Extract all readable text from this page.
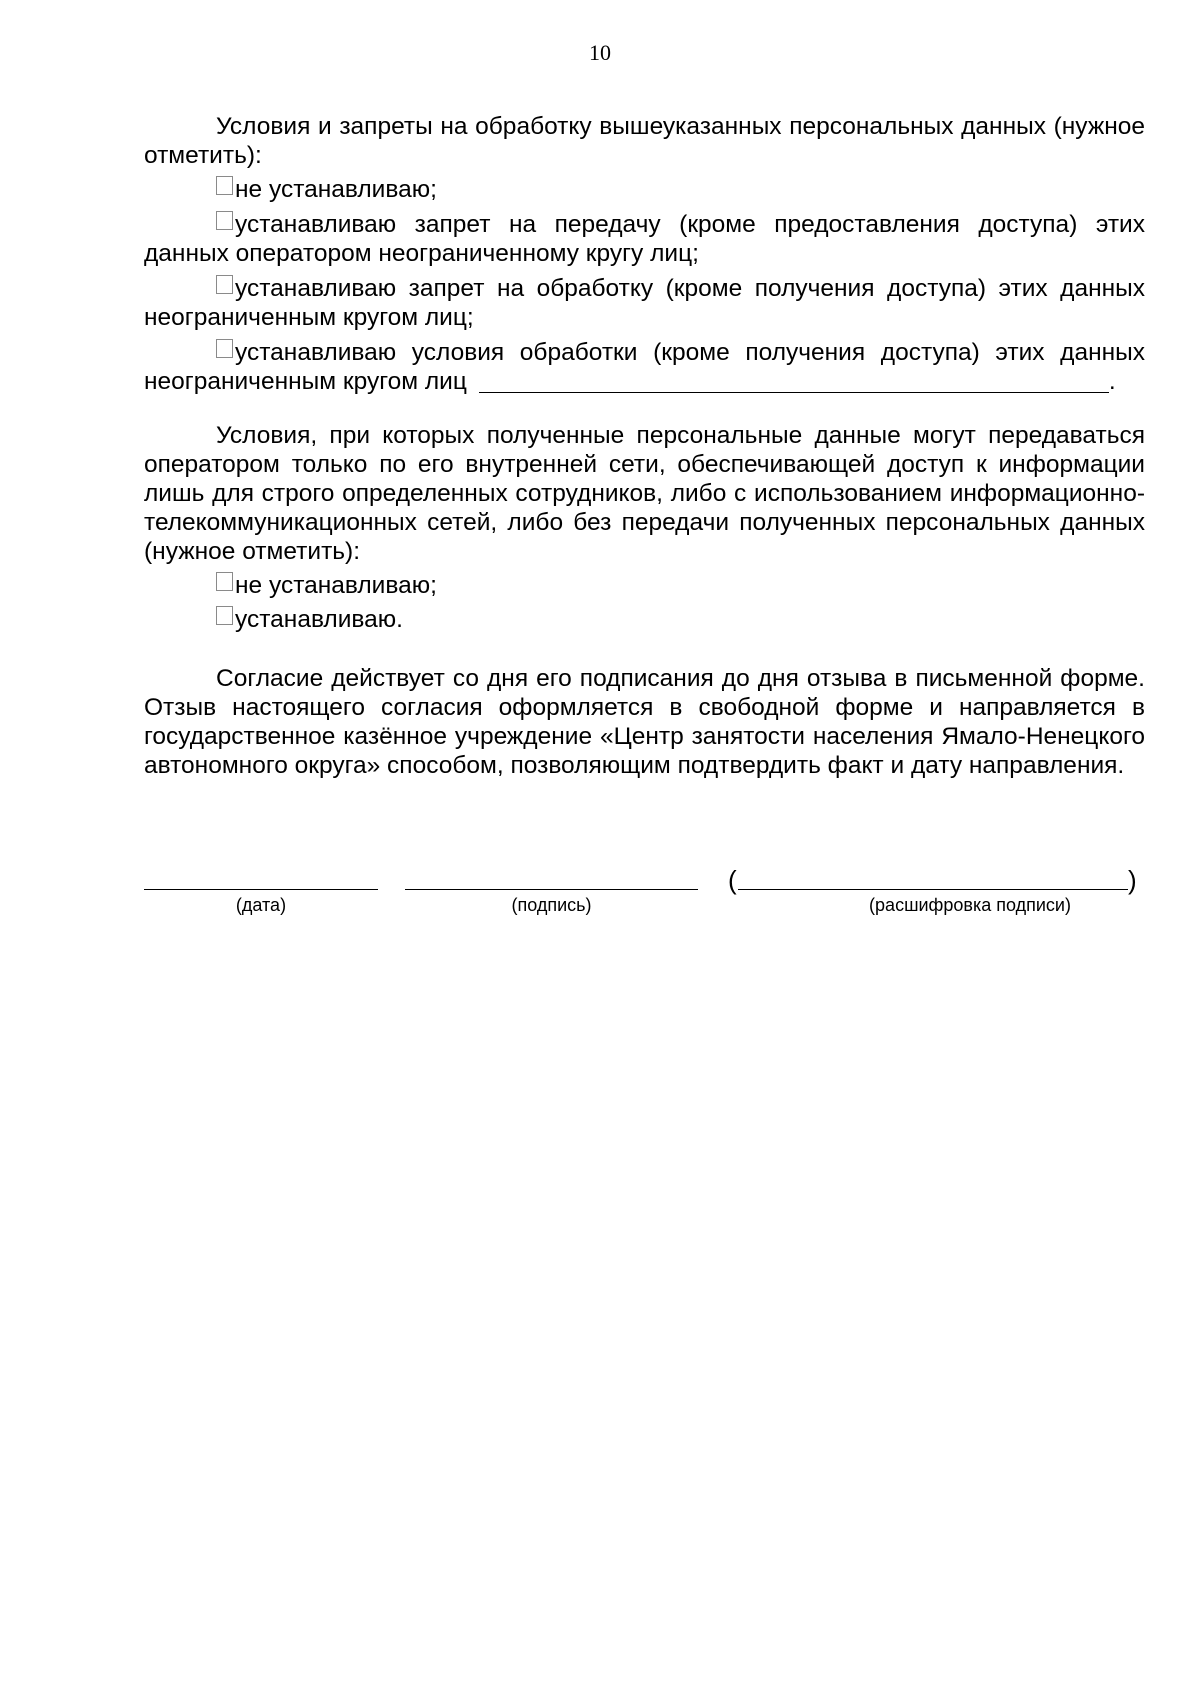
10

Условия и запреты на обработку вышеуказанных персональных данных (нужное отметить):

не устанавливаю;

устанавливаю запрет на передачу (кроме предоставления доступа) этих данных оператором неограниченному кругу лиц;

устанавливаю запрет на обработку (кроме получения доступа) этих данных неограниченным кругом лиц;

устанавливаю условия обработки (кроме получения доступа) этих данных неограниченным кругом лиц	.

Условия, при которых полученные персональные данные могут передаваться оператором только по его внутренней сети, обеспечивающей доступ к информации лишь для строго определенных сотрудников, либо с использованием информационно-телекоммуникационных сетей, либо без передачи полученных персональных данных (нужное отметить):

не устанавливаю;

устанавливаю.

Согласие действует со дня его подписания до дня отзыва в письменной форме. Отзыв настоящего согласия оформляется в свободной форме и направляется в государственное казённое учреждение «Центр занятости населения Ямало-Ненецкого автономного округа» способом, позволяющим подтвердить факт и дату направления.

(дата)	(подпись)
(	)
(расшифровка подписи)
